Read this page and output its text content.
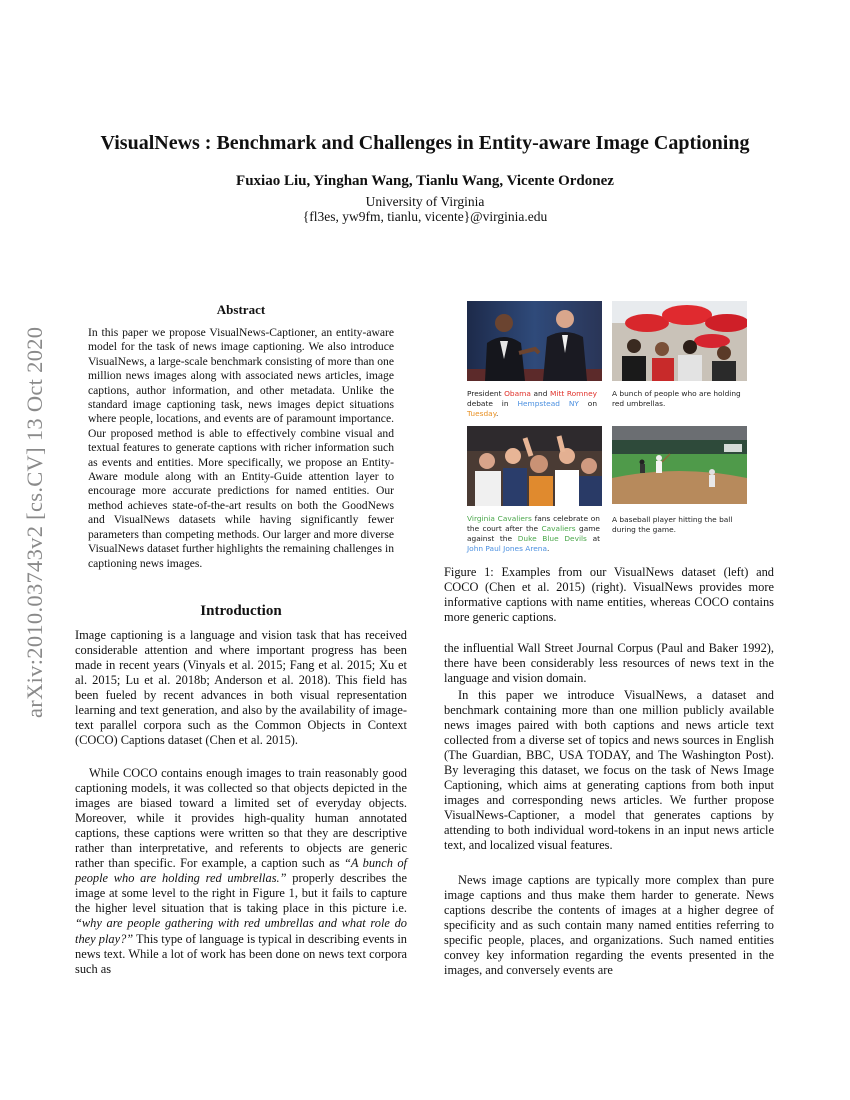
arXiv:2010.03743v2 [cs.CV] 13 Oct 2020
VisualNews : Benchmark and Challenges in Entity-aware Image Captioning
Fuxiao Liu, Yinghan Wang, Tianlu Wang, Vicente Ordonez
University of Virginia
{fl3es, yw9fm, tianlu, vicente}@virginia.edu
Abstract
In this paper we propose VisualNews-Captioner, an entity-aware model for the task of news image captioning. We also introduce VisualNews, a large-scale benchmark consisting of more than one million news images along with associated news articles, image captions, author information, and other metadata. Unlike the standard image captioning task, news images depict situations where people, locations, and events are of paramount importance. Our proposed method is able to effectively combine visual and textual features to generate captions with richer information such as events and entities. More specifically, we propose an Entity-Aware module along with an Entity-Guide attention layer to encourage more accurate predictions for named entities. Our method achieves state-of-the-art results on both the GoodNews and VisualNews datasets while having significantly fewer parameters than competing methods. Our larger and more diverse VisualNews dataset further highlights the remaining challenges in captioning news images.
Introduction
Image captioning is a language and vision task that has received considerable attention and where important progress has been made in recent years (Vinyals et al. 2015; Fang et al. 2015; Xu et al. 2015; Lu et al. 2018b; Anderson et al. 2018). This field has been fueled by recent advances in both visual representation learning and text generation, and also by the availability of image-text parallel corpora such as the Common Objects in Context (COCO) Captions dataset (Chen et al. 2015).
While COCO contains enough images to train reasonably good captioning models, it was collected so that objects depicted in the images are biased toward a limited set of everyday objects. Moreover, while it provides high-quality human annotated captions, these captions were written so that they are descriptive rather than interpretative, and referents to objects are generic rather than specific. For example, a caption such as “A bunch of people who are holding red umbrellas.” properly describes the image at some level to the right in Figure 1, but it fails to capture the higher level situation that is taking place in this picture i.e. “why are people gathering with red umbrellas and what role do they play?” This type of language is typical in describing events in news text. While a lot of work has been done on news text corpora such as
President Obama and Mitt Romney debate in Hempstead NY on Tuesday.
A bunch of people who are holding red umbrellas.
Virginia Cavaliers fans celebrate on the court after the Cavaliers game against the Duke Blue Devils at John Paul Jones Arena.
A baseball player hitting the ball during the game.
Figure 1: Examples from our VisualNews dataset (left) and COCO (Chen et al. 2015) (right). VisualNews provides more informative captions with name entities, whereas COCO contains more generic captions.
the influential Wall Street Journal Corpus (Paul and Baker 1992), there have been considerably less resources of news text in the language and vision domain.
In this paper we introduce VisualNews, a dataset and benchmark containing more than one million publicly available news images paired with both captions and news article text collected from a diverse set of topics and news sources in English (The Guardian, BBC, USA TODAY, and The Washington Post). By leveraging this dataset, we focus on the task of News Image Captioning, which aims at generating captions from both input images and corresponding news articles. We further propose VisualNews-Captioner, a model that generates captions by attending to both individual word-tokens in an input news article text, and localized visual features.
News image captions are typically more complex than pure image captions and thus make them harder to generate. News captions describe the contents of images at a higher degree of specificity and as such contain many named entities referring to specific people, places, and organizations. Such named entities convey key information regarding the events presented in the images, and conversely events are
